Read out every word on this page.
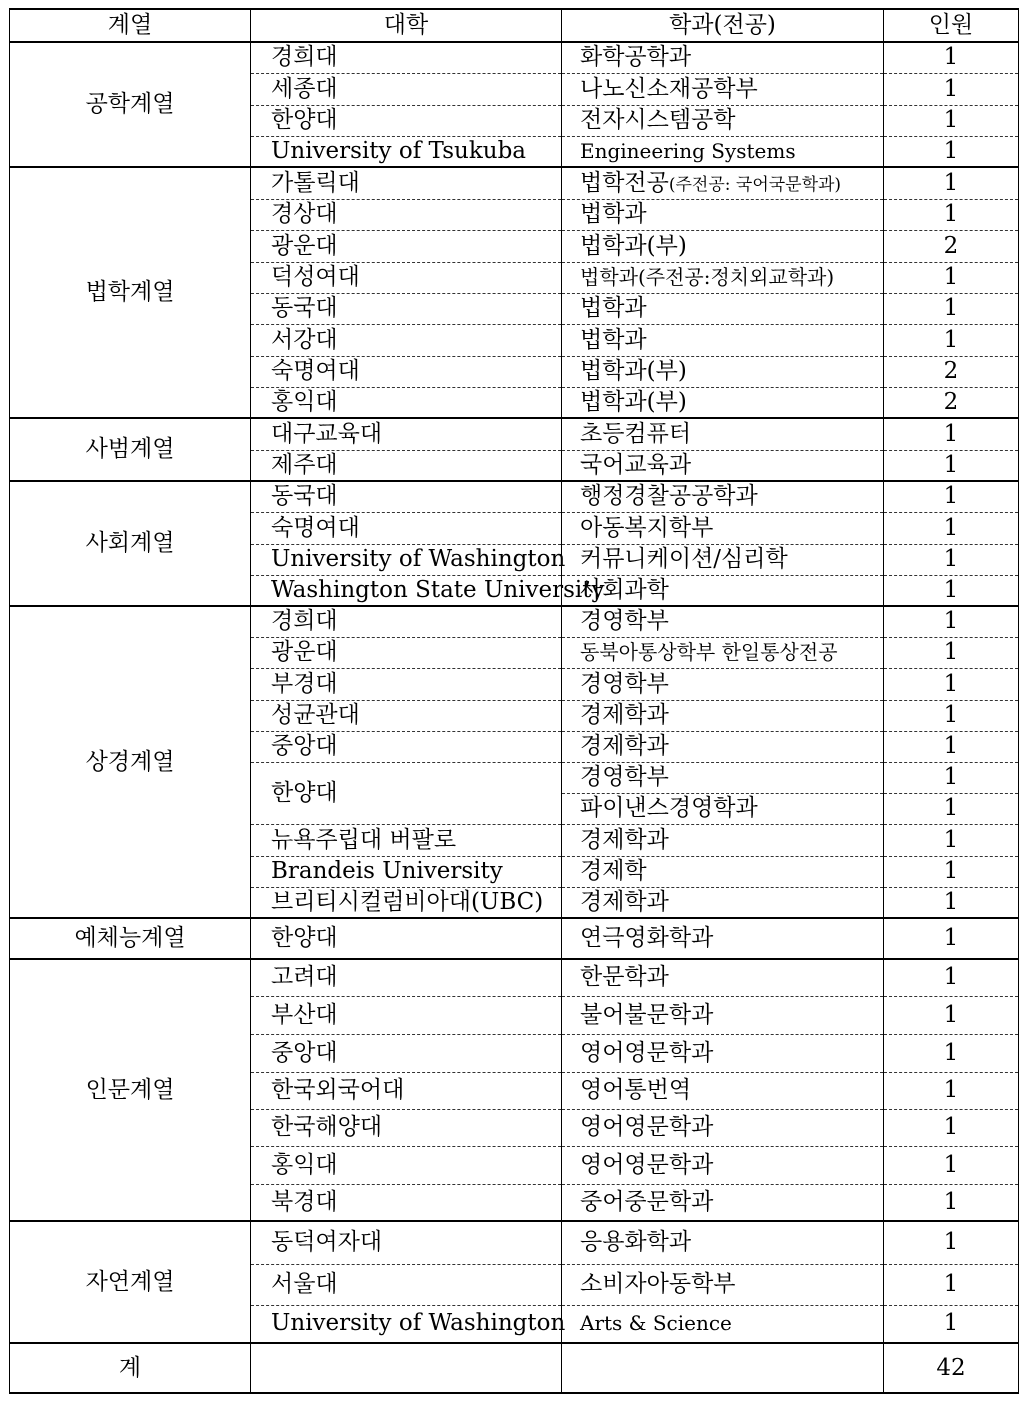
계열	대학	학과(전공)	인원
공학계열	경희대	화학공학과	1
	세종대	나노신소재공학부	1
	한양대	전자시스템공학	1
	University of Tsukuba	Engineering Systems	1
법학계열	가톨릭대	법학전공(주전공: 국어국문학과)	1
	경상대	법학과	1
	광운대	법학과(부)	2
	덕성여대	법학과(주전공:정치외교학과)	1
	동국대	법학과	1
	서강대	법학과	1
	숙명여대	법학과(부)	2
	홍익대	법학과(부)	2
사범계열	대구교육대	초등컴퓨터	1
	제주대	국어교육과	1
사회계열	동국대	행정경찰공공학과	1
	숙명여대	아동복지학부	1
	University of Washington	커뮤니케이션/심리학	1
	Washington State University	사회과학	1
상경계열	경희대	경영학부	1
	광운대	동북아통상학부 한일통상전공	1
	부경대	경영학부	1
	성균관대	경제학과	1
	중앙대	경제학과	1
	한양대	경영학부	1
		파이낸스경영학과	1
	뉴욕주립대 버팔로	경제학과	1
	Brandeis University	경제학	1
	브리티시컬럼비아대(UBC)	경제학과	1
예체능계열	한양대	연극영화학과	1
인문계열	고려대	한문학과	1
	부산대	불어불문학과	1
	중앙대	영어영문학과	1
	한국외국어대	영어통번역	1
	한국해양대	영어영문학과	1
	홍익대	영어영문학과	1
	북경대	중어중문학과	1
자연계열	동덕여자대	응용화학과	1
	서울대	소비자아동학부	1
	University of Washington	Arts & Science	1
계			42
